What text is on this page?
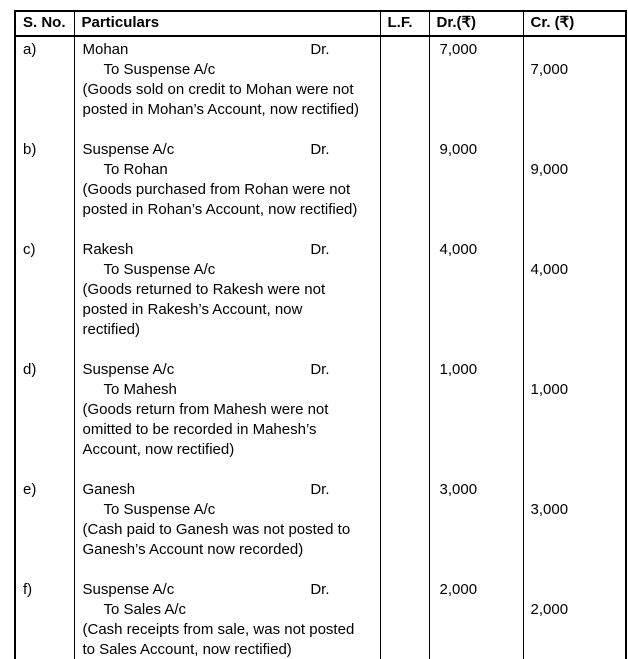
S. No.	Particulars	L.F.	Dr.(₹)	Cr. (₹)
a)	Mohan Dr.
To Suspense A/c
(Goods sold on credit to Mohan were not posted in Mohan’s Account, now rectified)		7,000	7,000

b)	Suspense A/c Dr.
To Rohan
(Goods purchased from Rohan were not posted in Rohan’s Account, now rectified)		9,000	9,000

c)	Rakesh Dr.
To Suspense A/c
(Goods returned to Rakesh were not posted in Rakesh’s Account, now rectified)		4,000	4,000

d)	Suspense A/c Dr.
To Mahesh
(Goods return from Mahesh were not omitted to be recorded in Mahesh’s Account, now rectified)		1,000	1,000

e)	Ganesh Dr.
To Suspense A/c
(Cash paid to Ganesh was not posted to Ganesh’s Account now recorded)		3,000	3,000

f)	Suspense A/c Dr.
To Sales A/c
(Cash receipts from sale, was not posted to Sales Account, now rectified)		2,000	2,000
